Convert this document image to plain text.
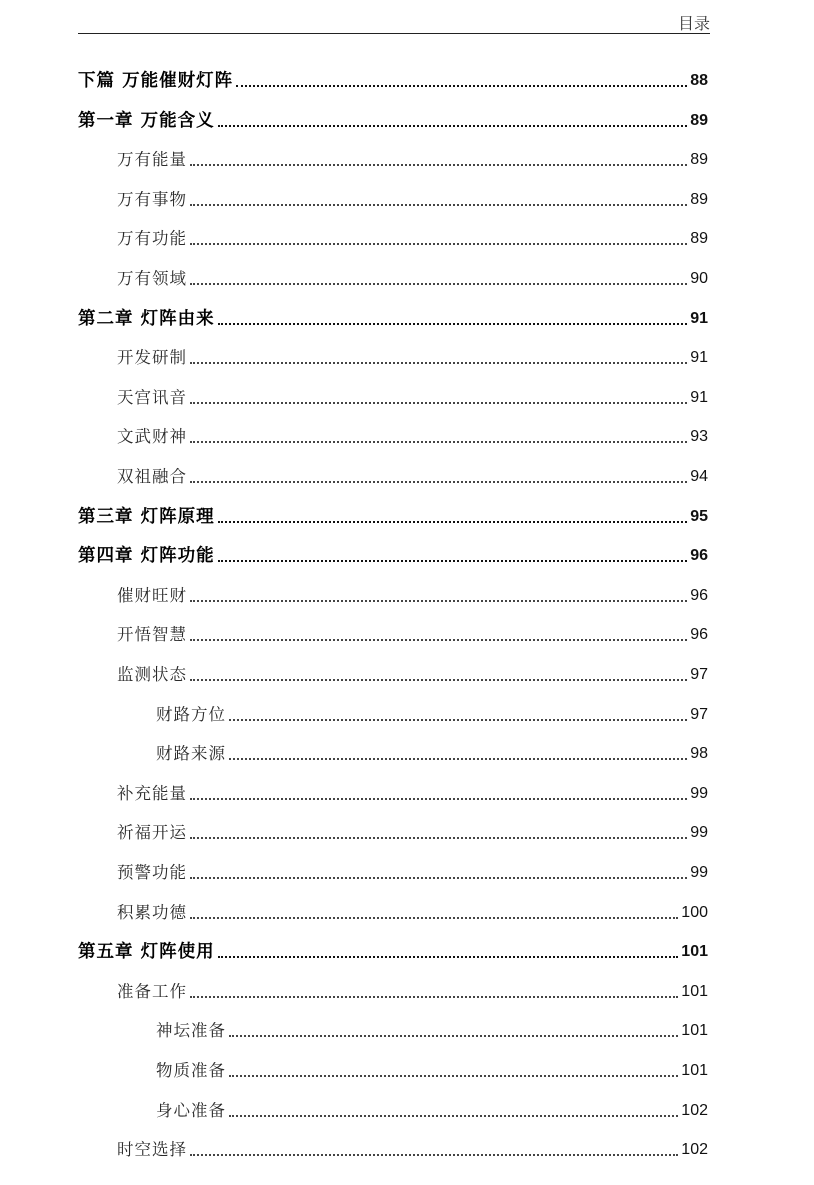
目录
下篇 万能催财灯阵	88
第一章 万能含义	89
万有能量	89
万有事物	89
万有功能	89
万有领域	90
第二章 灯阵由来	91
开发研制	91
天宫讯音	91
文武财神	93
双祖融合	94
第三章 灯阵原理	95
第四章 灯阵功能	96
催财旺财	96
开悟智慧	96
监测状态	97
财路方位	97
财路来源	98
补充能量	99
祈福开运	99
预警功能	99
积累功德	100
第五章 灯阵使用	101
准备工作	101
神坛准备	101
物质准备	101
身心准备	102
时空选择	102
